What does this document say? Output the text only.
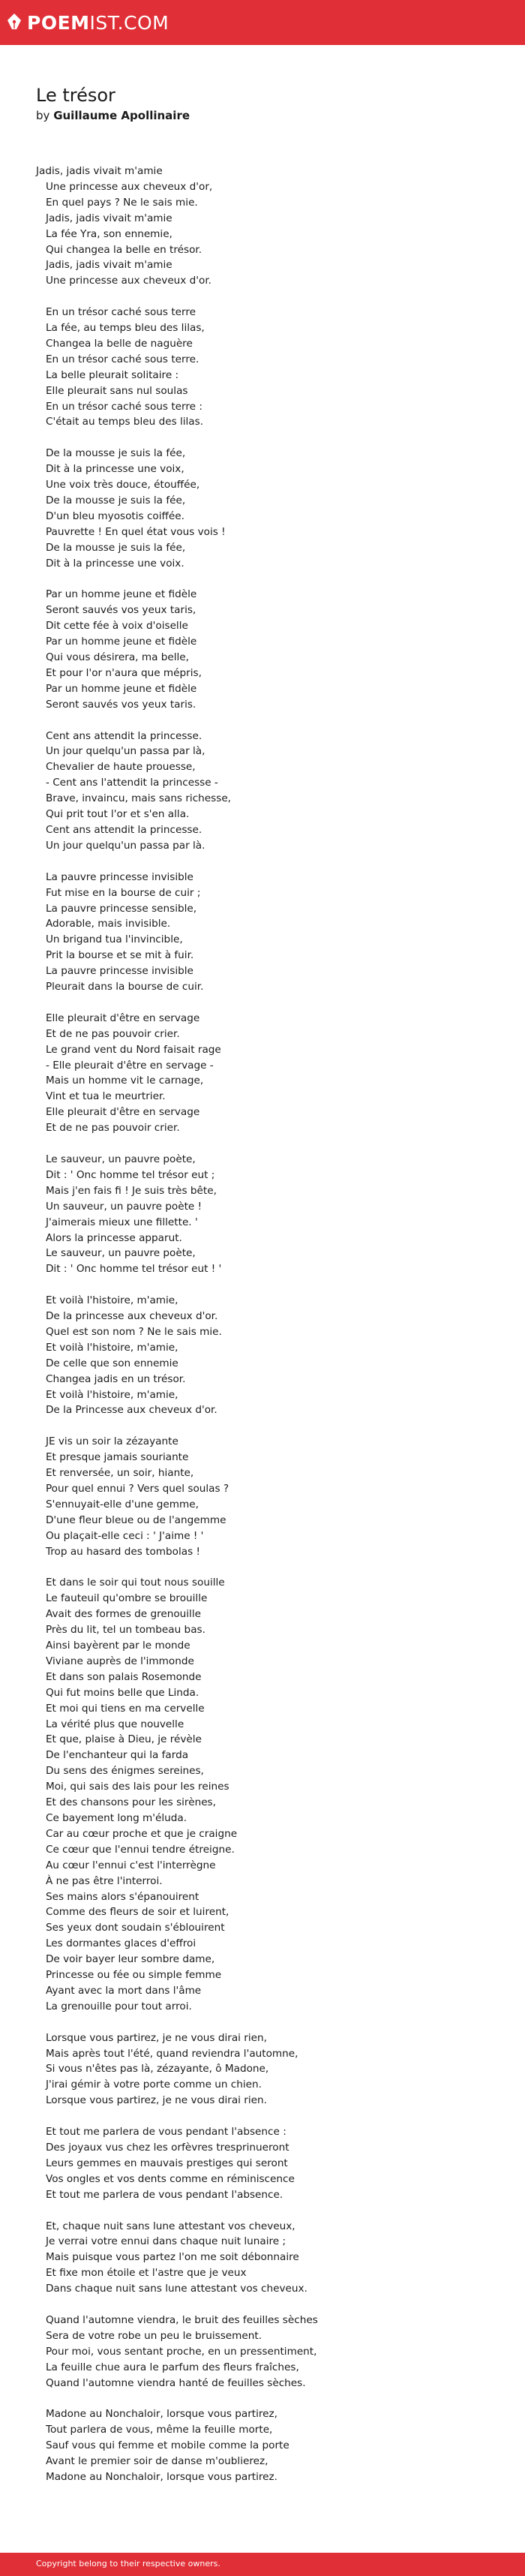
POEMIST.COM
Le trésor
by Guillaume Apollinaire
Jadis, jadis vivait m'amie
Une princesse aux cheveux d'or,
En quel pays ? Ne le sais mie.
Jadis, jadis vivait m'amie
La fée Yra, son ennemie,
Qui changea la belle en trésor.
Jadis, jadis vivait m'amie
Une princesse aux cheveux d'or.
En un trésor caché sous terre
La fée, au temps bleu des lilas,
Changea la belle de naguère
En un trésor caché sous terre.
La belle pleurait solitaire :
Elle pleurait sans nul soulas
En un trésor caché sous terre :
C'était au temps bleu des lilas.
De la mousse je suis la fée,
Dit à la princesse une voix,
Une voix très douce, étouffée,
De la mousse je suis la fée,
D'un bleu myosotis coiffée.
Pauvrette ! En quel état vous vois !
De la mousse je suis la fée,
Dit à la princesse une voix.
Par un homme jeune et fidèle
Seront sauvés vos yeux taris,
Dit cette fée à voix d'oiselle
Par un homme jeune et fidèle
Qui vous désirera, ma belle,
Et pour l'or n'aura que mépris,
Par un homme jeune et fidèle
Seront sauvés vos yeux taris.
Cent ans attendit la princesse.
Un jour quelqu'un passa par là,
Chevalier de haute prouesse,
- Cent ans l'attendit la princesse -
Brave, invaincu, mais sans richesse,
Qui prit tout l'or et s'en alla.
Cent ans attendit la princesse.
Un jour quelqu'un passa par là.
La pauvre princesse invisible
Fut mise en la bourse de cuir ;
La pauvre princesse sensible,
Adorable, mais invisible.
Un brigand tua l'invincible,
Prit la bourse et se mit à fuir.
La pauvre princesse invisible
Pleurait dans la bourse de cuir.
Elle pleurait d'être en servage
Et de ne pas pouvoir crier.
Le grand vent du Nord faisait rage
- Elle pleurait d'être en servage -
Mais un homme vit le carnage,
Vint et tua le meurtrier.
Elle pleurait d'être en servage
Et de ne pas pouvoir crier.
Le sauveur, un pauvre poète,
Dit : ' Onc homme tel trésor eut ;
Mais j'en fais fi ! Je suis très bête,
Un sauveur, un pauvre poète !
J'aimerais mieux une fillette. '
Alors la princesse apparut.
Le sauveur, un pauvre poète,
Dit : ' Onc homme tel trésor eut ! '
Et voilà l'histoire, m'amie,
De la princesse aux cheveux d'or.
Quel est son nom ? Ne le sais mie.
Et voilà l'histoire, m'amie,
De celle que son ennemie
Changea jadis en un trésor.
Et voilà l'histoire, m'amie,
De la Princesse aux cheveux d'or.
JE vis un soir la zézayante
Et presque jamais souriante
Et renversée, un soir, hiante,
Pour quel ennui ? Vers quel soulas ?
S'ennuyait-elle d'une gemme,
D'une fleur bleue ou de l'angemme
Ou plaçait-elle ceci : ' J'aime ! '
Trop au hasard des tombolas !
Et dans le soir qui tout nous souille
Le fauteuil qu'ombre se brouille
Avait des formes de grenouille
Près du lit, tel un tombeau bas.
Ainsi bayèrent par le monde
Viviane auprès de l'immonde
Et dans son palais Rosemonde
Qui fut moins belle que Linda.
Et moi qui tiens en ma cervelle
La vérité plus que nouvelle
Et que, plaise à Dieu, je révèle
De l'enchanteur qui la farda
Du sens des énigmes sereines,
Moi, qui sais des lais pour les reines
Et des chansons pour les sirènes,
Ce bayement long m'éluda.
Car au cœur proche et que je craigne
Ce cœur que l'ennui tendre étreigne.
Au cœur l'ennui c'est l'interrègne
À ne pas être l'interroi.
Ses mains alors s'épanouirent
Comme des fleurs de soir et luirent,
Ses yeux dont soudain s'éblouirent
Les dormantes glaces d'effroi
De voir bayer leur sombre dame,
Princesse ou fée ou simple femme
Ayant avec la mort dans l'âme
La grenouille pour tout arroi.
Lorsque vous partirez, je ne vous dirai rien,
Mais après tout l'été, quand reviendra l'automne,
Si vous n'êtes pas là, zézayante, ô Madone,
J'irai gémir à votre porte comme un chien.
Lorsque vous partirez, je ne vous dirai rien.
Et tout me parlera de vous pendant l'absence :
Des joyaux vus chez les orfèvres tresprinueront
Leurs gemmes en mauvais prestiges qui seront
Vos ongles et vos dents comme en réminiscence
Et tout me parlera de vous pendant l'absence.
Et, chaque nuit sans lune attestant vos cheveux,
Je verrai votre ennui dans chaque nuit lunaire ;
Mais puisque vous partez l'on me soit débonnaire
Et fixe mon étoile et l'astre que je veux
Dans chaque nuit sans lune attestant vos cheveux.
Quand l'automne viendra, le bruit des feuilles sèches
Sera de votre robe un peu le bruissement.
Pour moi, vous sentant proche, en un pressentiment,
La feuille chue aura le parfum des fleurs fraîches,
Quand l'automne viendra hanté de feuilles sèches.
Madone au Nonchaloir, lorsque vous partirez,
Tout parlera de vous, même la feuille morte,
Sauf vous qui femme et mobile comme la porte
Avant le premier soir de danse m'oublierez,
Madone au Nonchaloir, lorsque vous partirez.
Copyright belong to their respective owners.
